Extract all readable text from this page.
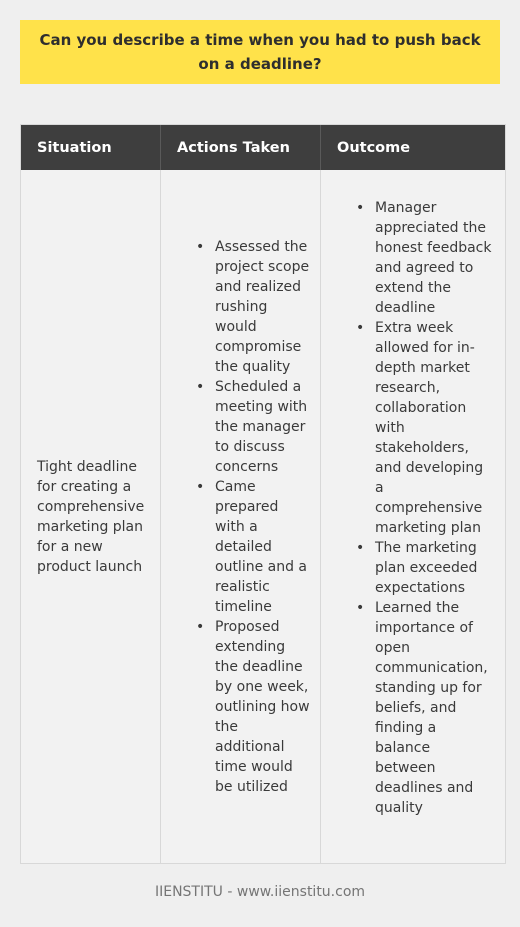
Can you describe a time when you had to push back on a deadline?
Situation	Actions Taken	Outcome
Tight deadline for creating a comprehensive marketing plan for a new product launch
• Assessed the project scope and realized rushing would compromise the quality
• Scheduled a meeting with the manager to discuss concerns
• Came prepared with a detailed outline and a realistic timeline
• Proposed extending the deadline by one week, outlining how the additional time would be utilized
• Manager appreciated the honest feedback and agreed to extend the deadline
• Extra week allowed for in-depth market research, collaboration with stakeholders, and developing a comprehensive marketing plan
• The marketing plan exceeded expectations
• Learned the importance of open communication, standing up for beliefs, and finding a balance between deadlines and quality
IIENSTITU - www.iienstitu.com
